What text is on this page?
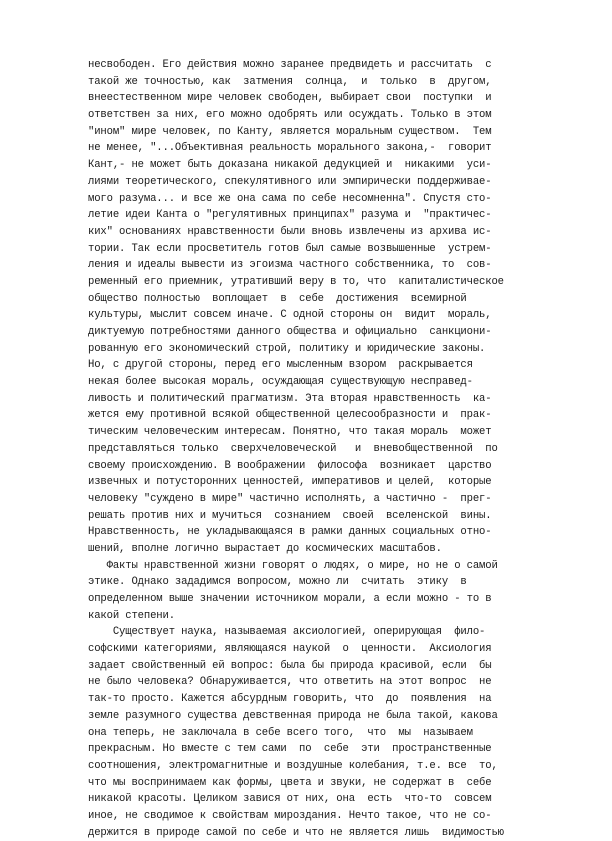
несвободен. Его действия можно заранее предвидеть и рассчитать  с
такой же точностью, как  затмения  солнца,  и  только  в  другом,
внеестественном мире человек свободен, выбирает свои  поступки  и
ответствен за них, его можно одобрять или осуждать. Только в этом
"ином" мире человек, по Канту, является моральным существом.  Тем
не менее, "...Объективная реальность морального закона,-  говорит
Кант,- не может быть доказана никакой дедукцией и  никакими  уси-
лиями теоретического, спекулятивного или эмпирически поддерживае-
мого разума... и все же она сама по себе несомненна". Спустя сто-
летие идеи Канта о "регулятивных принципах" разума и  "практичес-
ких" основаниях нравственности были вновь извлечены из архива ис-
тории. Так если просветитель готов был самые возвышенные  устрем-
ления и идеалы вывести из эгоизма частного собственника, то  сов-
ременный его приемник, утративший веру в то, что  капиталистическое
общество полностью  воплощает  в  себе  достижения  всемирной
культуры, мыслит совсем иначе. С одной стороны он  видит  мораль,
диктуемую потребностями данного общества и официально  санкциони-
рованную его экономический строй, политику и юридические законы.
Но, с другой стороны, перед его мысленным взором  раскрывается
некая более высокая мораль, осуждающая существующую несправед-
ливость и политический прагматизм. Эта вторая нравственность  ка-
жется ему противной всякой общественной целесообразности и  прак-
тическим человеческим интересам. Понятно, что такая мораль  может
представляться только  сверхчеловеческой   и  вневобщественной  по
своему происхождению. В воображении  философа  возникает  царство
извечных и потусторонних ценностей, императивов и целей,  которые
человеку "суждено в мире" частично исполнять, а частично -  прег-
решать против них и мучиться  сознанием  своей  вселенской  вины.
Нравственность, не укладывающаяся в рамки данных социальных отно-
шений, вполне логично вырастает до космических масштабов.
Факты нравственной жизни говорят о людях, о мире, но не о самой
этике. Однако зададимся вопросом, можно ли  считать  этику  в
определенном выше значении источником морали, а если можно - то в
какой степени.
Существует наука, называемая аксиологией, оперирующая  фило-
софскими категориями, являющаяся наукой  о  ценности.  Аксиология
задает свойственный ей вопрос: была бы природа красивой, если  бы
не было человека? Обнаруживается, что ответить на этот вопрос  не
так-то просто. Кажется абсурдным говорить, что  до  появления  на
земле разумного существа девственная природа не была такой, какова
она теперь, не заключала в себе всего того,  что  мы  называем
прекрасным. Но вместе с тем сами  по  себе  эти  пространственные
соотношения, электромагнитные и воздушные колебания, т.е. все  то,
что мы воспринимаем как формы, цвета и звуки, не содержат в  себе
никакой красоты. Целиком завися от них, она  есть  что-то  совсем
иное, не сводимое к свойствам мироздания. Нечто такое, что не со-
держится в природе самой по себе и что не является лишь  видимостью
